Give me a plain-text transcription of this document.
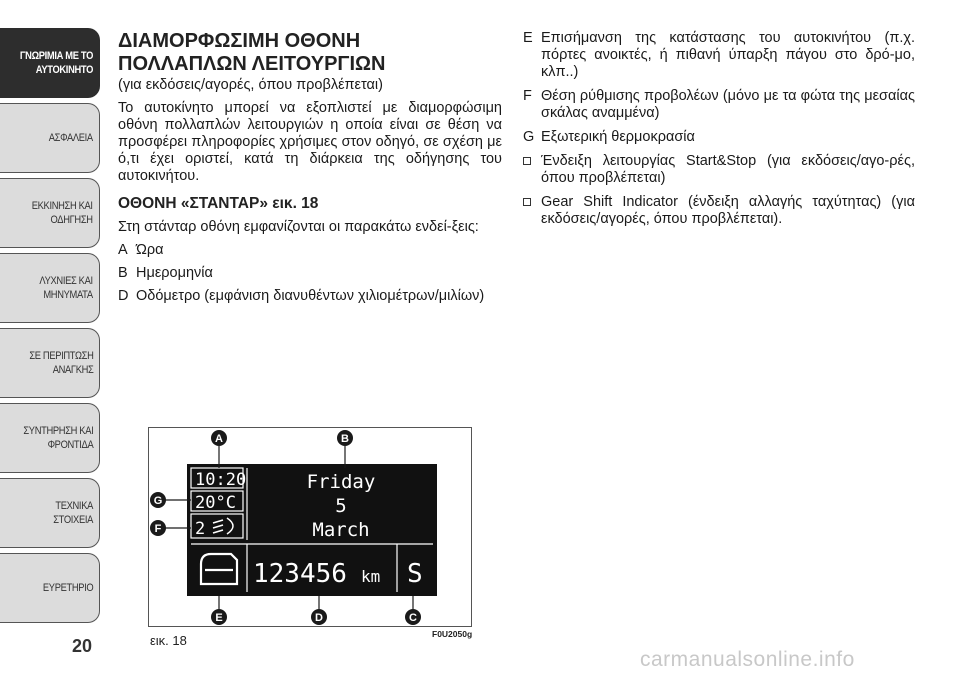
ΓΝΩΡΙΜΙΑ ΜΕ ΤΟ
ΑΥΤΟΚΙΝΗΤΟ
ΑΣΦΑΛΕΙΑ
ΕΚΚΙΝΗΣΗ ΚΑΙ
ΟΔΗΓΗΣΗ
ΛΥΧΝΙΕΣ ΚΑΙ
ΜΗΝΥΜΑΤΑ
ΣΕ ΠΕΡΙΠΤΩΣΗ
ΑΝΑΓΚΗΣ
ΣΥΝΤΗΡΗΣΗ ΚΑΙ
ΦΡΟΝΤΙΔΑ
ΤΕΧΝΙΚΑ ΣΤΟΙΧΕΙΑ
ΕΥΡΕΤΗΡΙΟ
20
ΔΙΑΜΟΡΦΩΣΙΜΗ ΟΘΟΝΗ
ΠΟΛΛΑΠΛΩΝ ΛΕΙΤΟΥΡΓΙΩΝ
(για εκδόσεις/αγορές, όπου προβλέπεται)

Το αυτοκίνητο μπορεί να εξοπλιστεί με διαμορφώσιμη οθόνη πολλαπλών λειτουργιών η οποία είναι σε θέση να προσφέρει πληροφορίες χρήσιμες στον οδηγό, σε σχέση με ό,τι έχει οριστεί, κατά τη διάρκεια της οδήγησης του αυτοκινήτου.

ΟΘΟΝΗ «ΣΤΑΝΤΑΡ» εικ. 18

Στη στάνταρ οθόνη εμφανίζονται οι παρακάτω ενδεί-ξεις:

A Ώρα
B Ημερομηνία
D Οδόμετρο (εμφάνιση διανυθέντων χιλιομέτρων/μιλίων)
E Επισήμανση της κατάστασης του αυτοκινήτου (π.χ. πόρτες ανοικτές, ή πιθανή ύπαρξη πάγου στο δρό-μο, κλπ..)
F Θέση ρύθμισης προβολέων (μόνο με τα φώτα της μεσαίας σκάλας αναμμένα)
G Εξωτερική θερμοκρασία
Ένδειξη λειτουργίας Start&Stop (για εκδόσεις/αγο-ρές, όπου προβλέπεται)
Gear Shift Indicator (ένδειξη αλλαγής ταχύτητας) (για εκδόσεις/αγορές, όπου προβλέπεται).
10:20
20°C
2
Friday
5
March
123456 km S
A	B
G
F
E	D	C
εικ. 18	F0U2050g
carmanualsonline.info
